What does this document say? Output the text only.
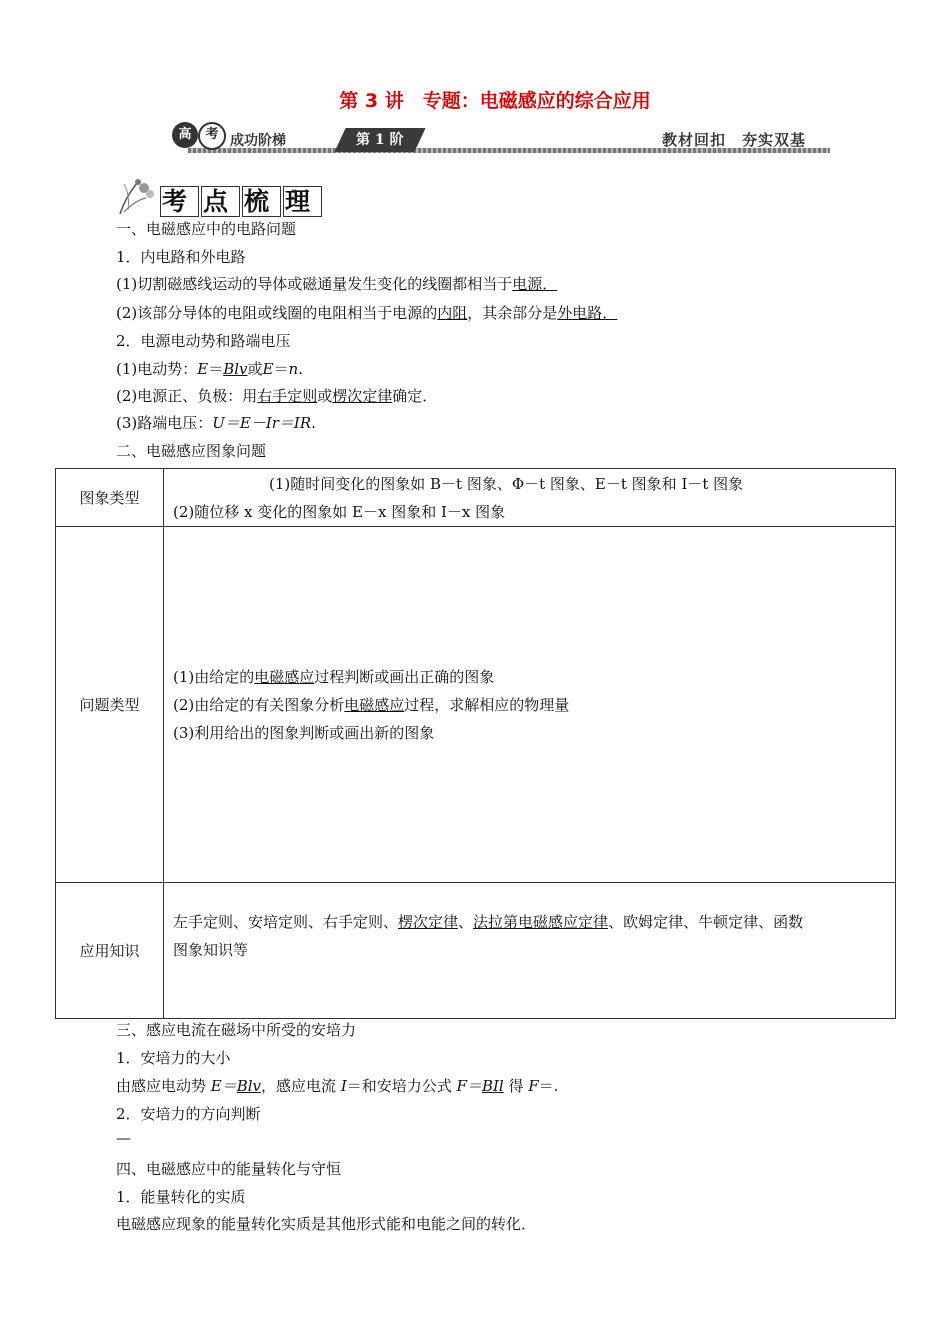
第 3 讲　专题：电磁感应的综合应用
高	考 成功阶梯	第 1 阶	教材回扣　夯实双基
考 点 梳 理
一、电磁感应中的电路问题
1．内电路和外电路
(1)切割磁感线运动的导体或磁通量发生变化的线圈都相当于电源．
(2)该部分导体的电阻或线圈的电阻相当于电源的内阻，其余部分是外电路．
2．电源电动势和路端电压
(1)电动势：E＝Blv或E＝n.
(2)电源正、负极：用右手定则或楞次定律确定．
(3)路端电压：U＝E－Ir＝IR.
二、电磁感应图象问题
图象类型	(1)随时间变化的图象如 B－t 图象、Φ－t 图象、E－t 图象和 I－t 图象
(2)随位移 x 变化的图象如 E－x 图象和 I－x 图象

问题类型	(1)由给定的电磁感应过程判断或画出正确的图象
(2)由给定的有关图象分析电磁感应过程，求解相应的物理量
(3)利用给出的图象判断或画出新的图象

应用知识	左手定则、安培定则、右手定则、楞次定律、法拉第电磁感应定律、欧姆定律、牛顿定律、函数
图象知识等
三、感应电流在磁场中所受的安培力
1．安培力的大小
由感应电动势 E＝Blv，感应电流 I＝和安培力公式 F＝BIl 得 F＝.
2．安培力的方向判断
—
四、电磁感应中的能量转化与守恒
1．能量转化的实质
电磁感应现象的能量转化实质是其他形式能和电能之间的转化．
